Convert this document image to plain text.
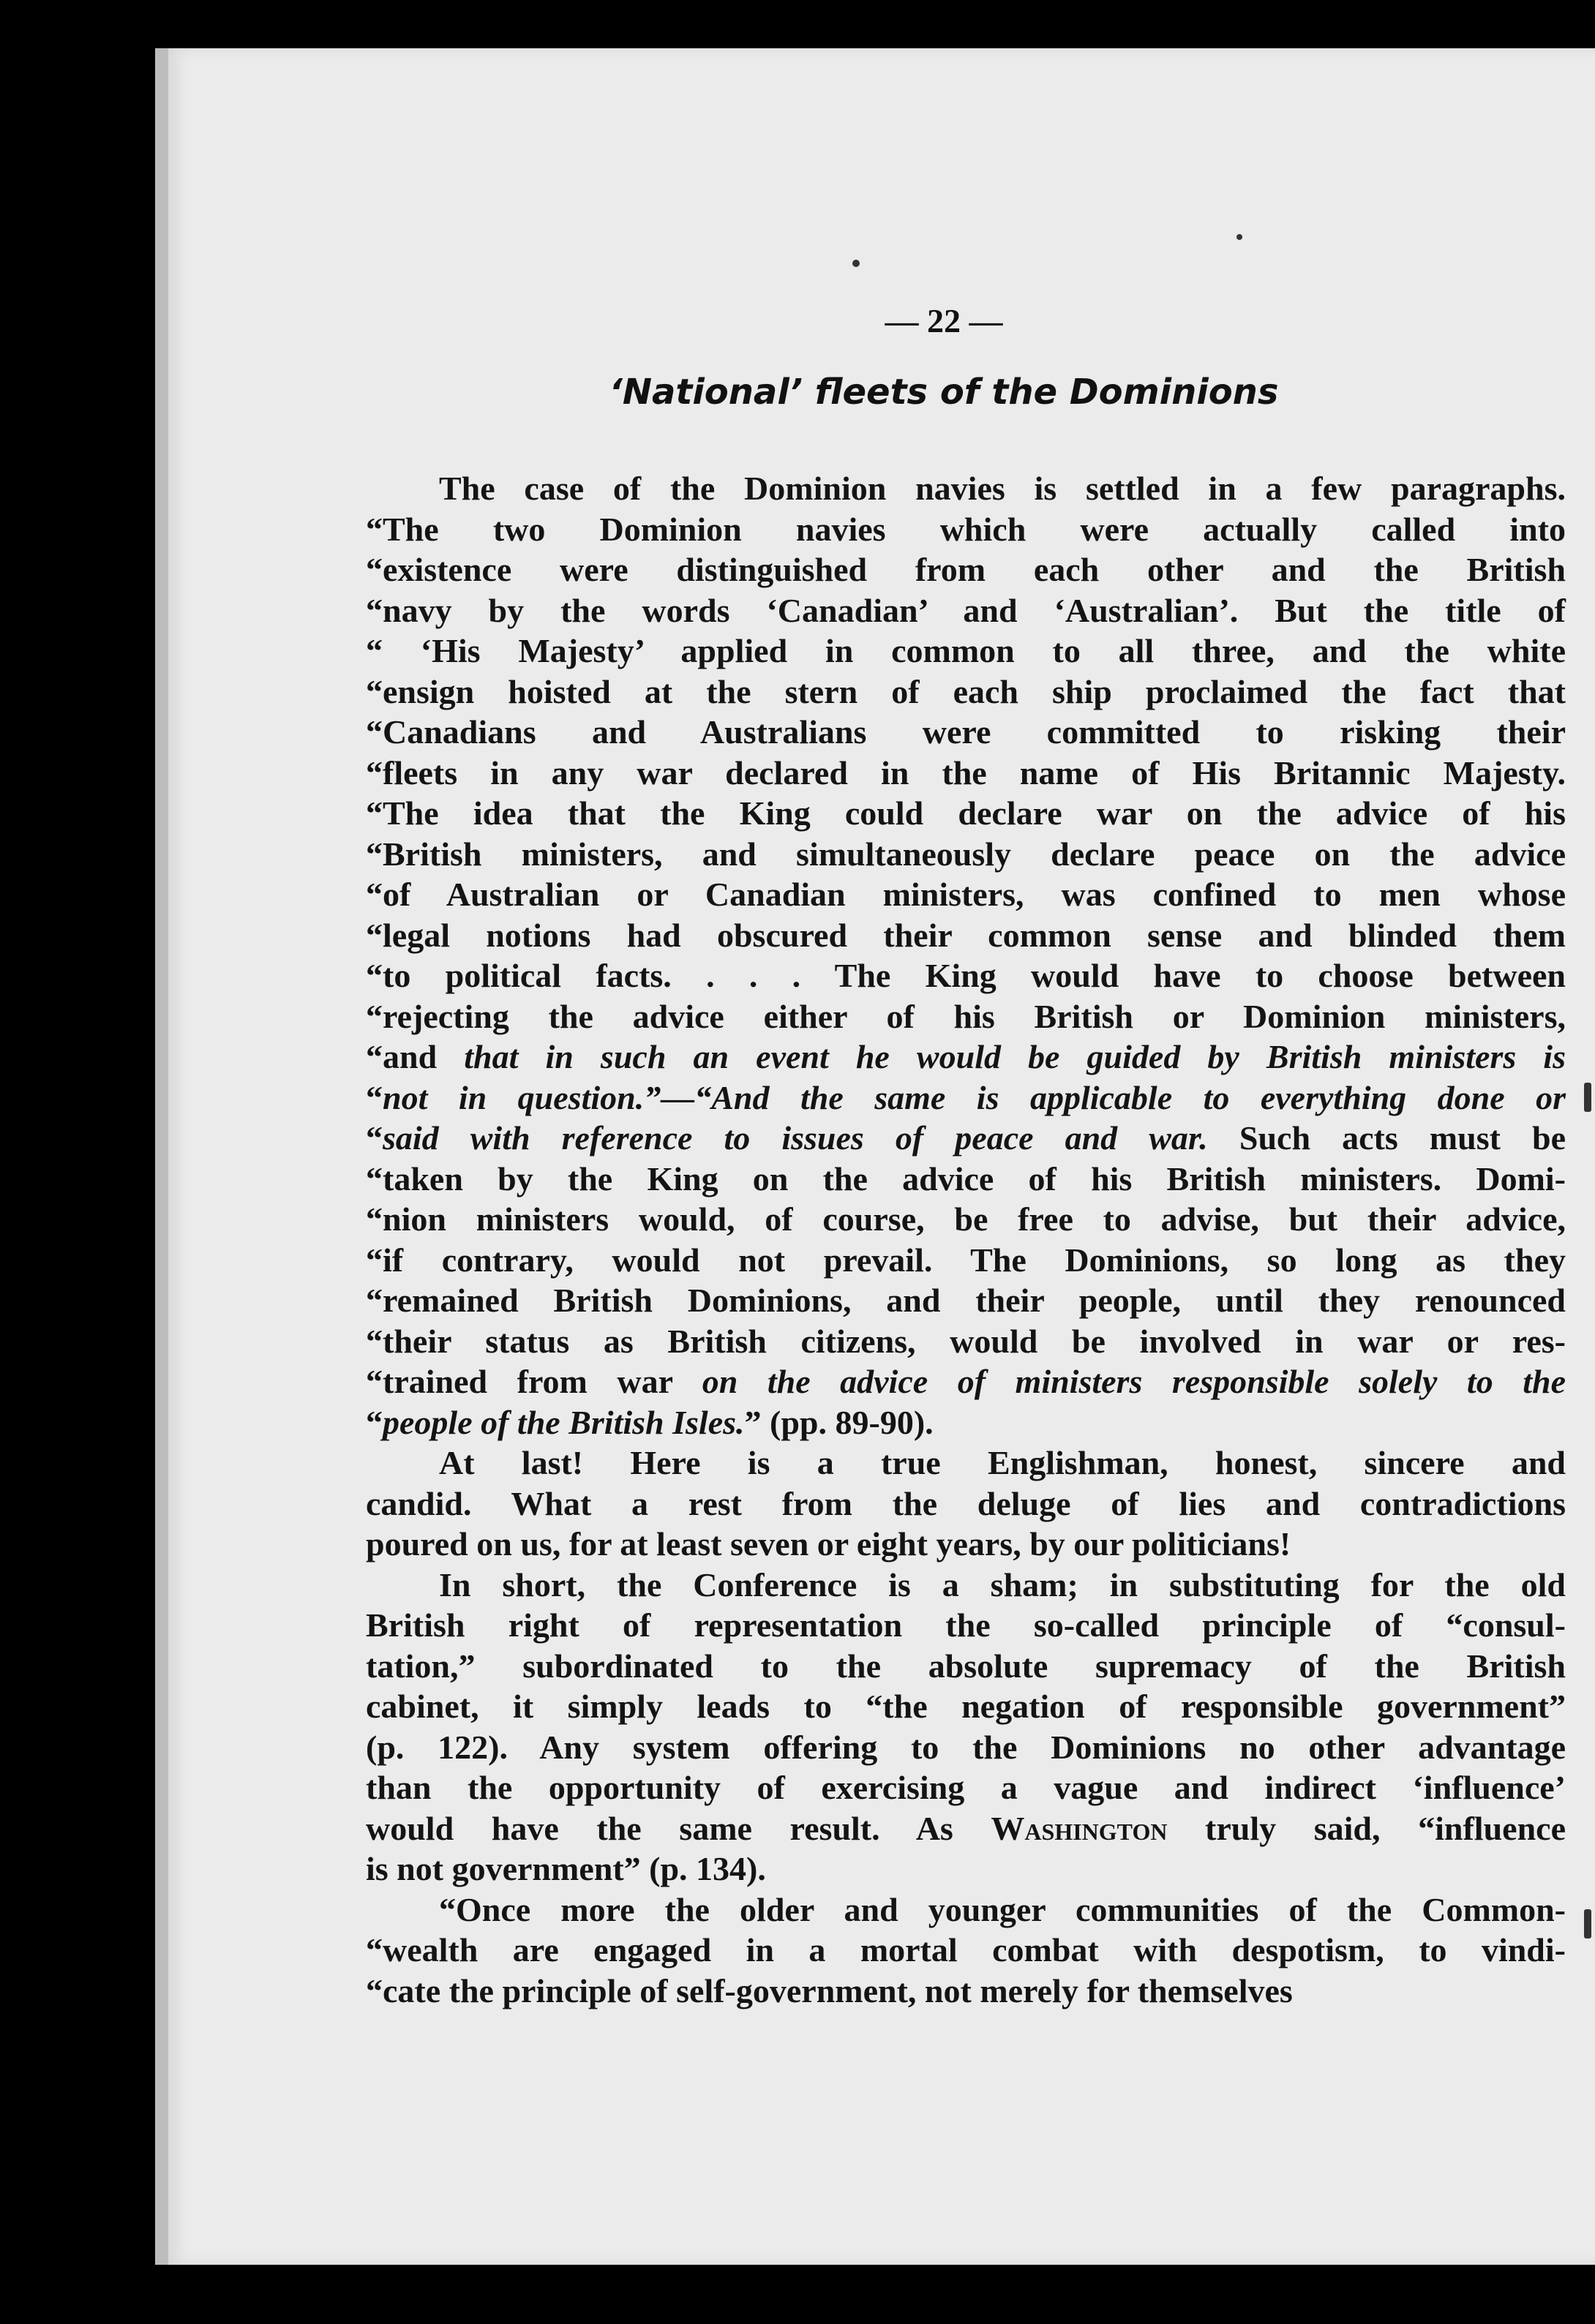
— 22 —
‘National’ fleets of the Dominions
The case of the Dominion navies is settled in a few paragraphs.
“The two Dominion navies which were actually called into
“existence were distinguished from each other and the British
“navy by the words ‘Canadian’ and ‘Australian’. But the title of
“ ‘His Majesty’ applied in common to all three, and the white
“ensign hoisted at the stern of each ship proclaimed the fact that
“Canadians and Australians were committed to risking their
“fleets in any war declared in the name of His Britannic Majesty.
“The idea that the King could declare war on the advice of his
“British ministers, and simultaneously declare peace on the advice
“of Australian or Canadian ministers, was confined to men whose
“legal notions had obscured their common sense and blinded them
“to political facts. . . . The King would have to choose between
“rejecting the advice either of his British or Dominion ministers,
“and that in such an event he would be guided by British ministers is
“not in question.”—“And the same is applicable to everything done or
“said with reference to issues of peace and war. Such acts must be
“taken by the King on the advice of his British ministers. Domi-
“nion ministers would, of course, be free to advise, but their advice,
“if contrary, would not prevail. The Dominions, so long as they
“remained British Dominions, and their people, until they renounced
“their status as British citizens, would be involved in war or res-
“trained from war on the advice of ministers responsible solely to the
“people of the British Isles.” (pp. 89-90).
At last! Here is a true Englishman, honest, sincere and
candid. What a rest from the deluge of lies and contradictions
poured on us, for at least seven or eight years, by our politicians!
In short, the Conference is a sham; in substituting for the old
British right of representation the so-called principle of “consul-
tation,” subordinated to the absolute supremacy of the British
cabinet, it simply leads to “the negation of responsible government”
(p. 122). Any system offering to the Dominions no other advantage
than the opportunity of exercising a vague and indirect ‘influence’
would have the same result. As Washington truly said, “influence
is not government” (p. 134).
“Once more the older and younger communities of the Common-
“wealth are engaged in a mortal combat with despotism, to vindi-
“cate the principle of self-government, not merely for themselves
